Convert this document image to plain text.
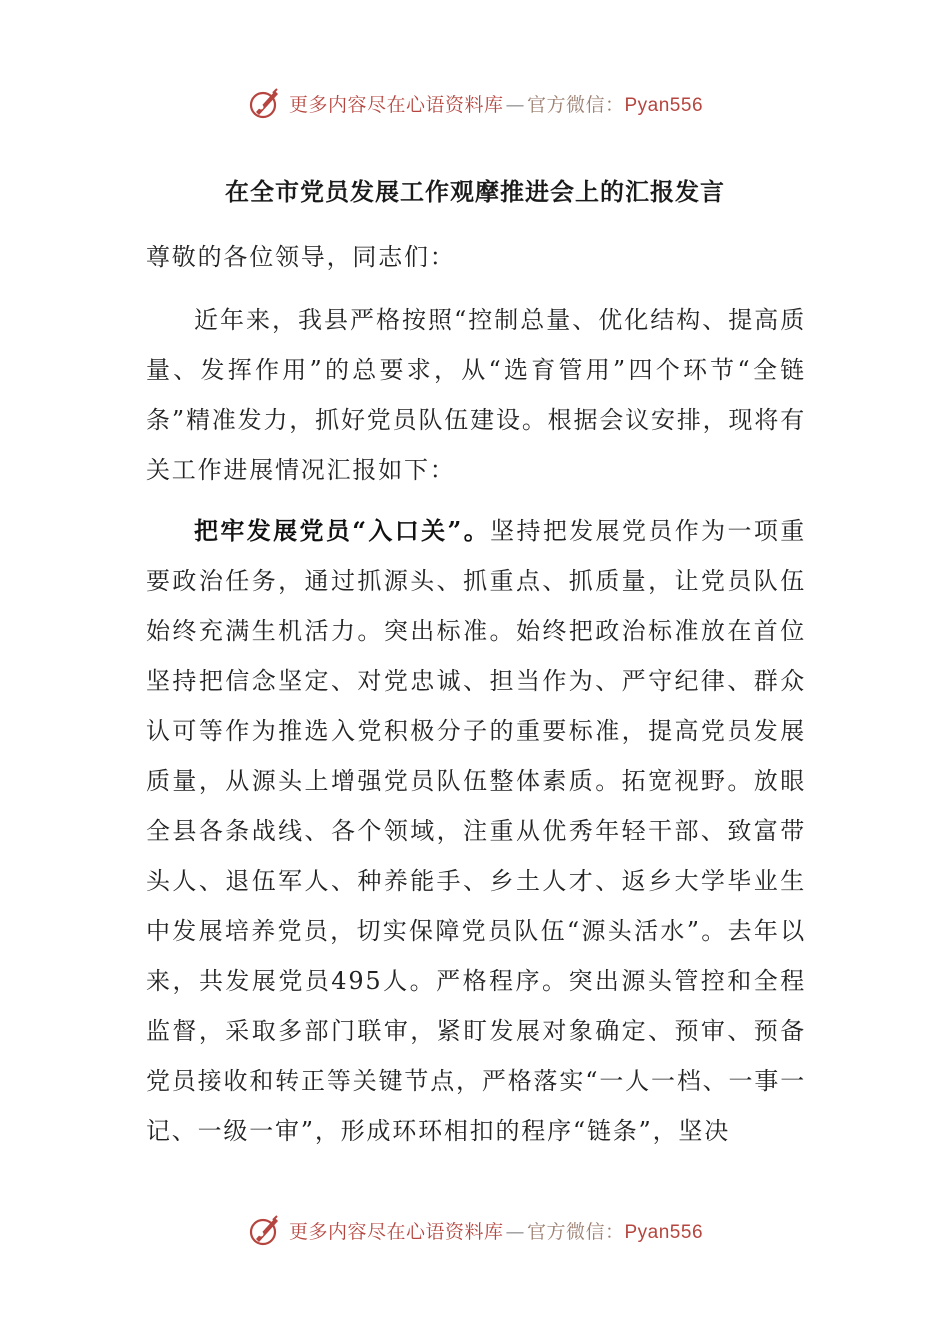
更多内容尽在心语资料库 — 官方微信：Pyan556
在全市党员发展工作观摩推进会上的汇报发言

尊敬的各位领导，同志们：

近年来，我县严格按照“控制总量、优化结构、提高质量、发挥作用”的总要求，从“选育管用”四个环节“全链条”精准发力，抓好党员队伍建设。根据会议安排，现将有关工作进展情况汇报如下：

把牢发展党员“入口关”。坚持把发展党员作为一项重要政治任务，通过抓源头、抓重点、抓质量，让党员队伍始终充满生机活力。突出标准。始终把政治标准放在首位坚持把信念坚定、对党忠诚、担当作为、严守纪律、群众认可等作为推选入党积极分子的重要标准，提高党员发展质量，从源头上增强党员队伍整体素质。拓宽视野。放眼全县各条战线、各个领域，注重从优秀年轻干部、致富带头人、退伍军人、种养能手、乡土人才、返乡大学毕业生中发展培养党员，切实保障党员队伍“源头活水”。去年以来，共发展党员495人。严格程序。突出源头管控和全程监督，采取多部门联审，紧盯发展对象确定、预审、预备党员接收和转正等关键节点，严格落实“一人一档、一事一记、一级一审”，形成环环相扣的程序“链条”，坚决

更多内容尽在心语资料库 — 官方微信：Pyan556
